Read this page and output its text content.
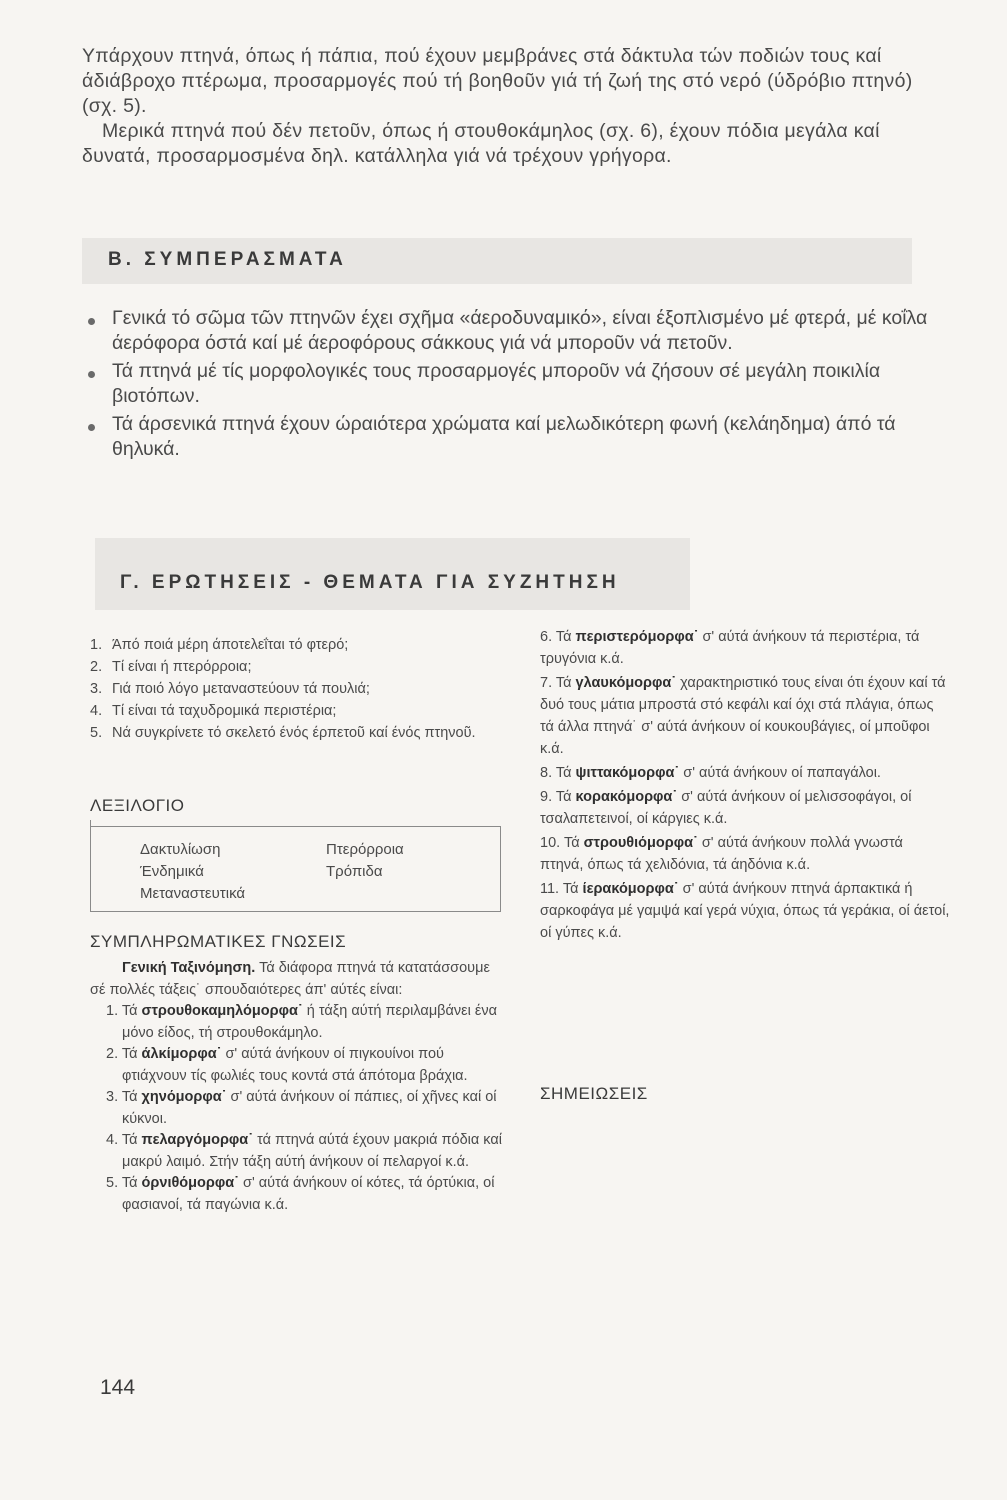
Υπάρχουν πτηνά, όπως ή πάπια, πού έχουν μεμβράνες στά δάκτυλα τών ποδιών τους καί άδιάβροχο πτέρωμα, προσαρμογές πού τή βοηθοῦν γιά τή ζωή της στό νερό (ύδρόβιο πτηνό) (σχ. 5).

Μερικά πτηνά πού δέν πετοῦν, όπως ή στουθοκάμηλος (σχ. 6), έχουν πόδια μεγάλα καί δυνατά, προσαρμοσμένα δηλ. κατάλληλα γιά νά τρέχουν γρήγορα.

Β. ΣΥΜΠΕΡΑΣΜΑΤΑ
Γενικά τό σῶμα τῶν πτηνῶν έχει σχῆμα «άεροδυναμικό», είναι έξοπλισμένο μέ φτερά, μέ κοΐλα άερόφορα όστά καί μέ άεροφόρους σάκκους γιά νά μποροῦν νά πετοῦν.
Τά πτηνά μέ τίς μορφολογικές τους προσαρμογές μποροῦν νά ζήσουν σέ μεγάλη ποικιλία βιοτόπων.
Τά άρσενικά πτηνά έχουν ώραιότερα χρώματα καί μελωδικότερη φωνή (κελάηδημα) άπό τά θηλυκά.
Γ. ΕΡΩΤΗΣΕΙΣ - ΘΕΜΑΤΑ ΓΙΑ ΣΥΖΗΤΗΣΗ
1. Άπό ποιά μέρη άποτελεΐται τό φτερό;
2. Τί είναι ή πτερόρροια;
3. Γιά ποιό λόγο μεταναστεύουν τά πουλιά;
4. Τί είναι τά ταχυδρομικά περιστέρια;
5. Νά συγκρίνετε τό σκελετό ένός έρπετοῦ καί ένός πτηνοῦ.
ΛΕΞΙΛΟΓΙΟ
Δακτυλίωση
Ένδημικά
Μεταναστευτικά
Πτερόρροια
Τρόπιδα
ΣΥΜΠΛΗΡΩΜΑΤΙΚΕΣ ΓΝΩΣΕΙΣ

Γενική Ταξινόμηση. Τά διάφορα πτηνά τά κατατάσσουμε σέ πολλές τάξεις˙ σπουδαιότερες άπ' αύτές είναι:

1. Τά στρουθοκαμηλόμορφα˙ ή τάξη αύτή περιλαμβάνει ένα μόνο είδος, τή στρουθοκάμηλο.

2. Τά άλκίμορφα˙ σ' αύτά άνήκουν οί πιγκουίνοι πού φτιάχνουν τίς φωλιές τους κοντά στά άπότομα βράχια.

3. Τά χηνόμορφα˙ σ' αύτά άνήκουν οί πάπιες, οί χῆνες καί οί κύκνοι.

4. Τά πελαργόμορφα˙ τά πτηνά αύτά έχουν μακριά πόδια καί μακρύ λαιμό. Στήν τάξη αύτή άνήκουν οί πελαργοί κ.ά.

5. Τά όρνιθόμορφα˙ σ' αύτά άνήκουν οί κότες, τά όρτύκια, οί φασιανοί, τά παγώνια κ.ά.

6. Τά περιστερόμορφα˙ σ' αύτά άνήκουν τά περιστέρια, τά τρυγόνια κ.ά.

7. Τά γλαυκόμορφα˙ χαρακτηριστικό τους είναι ότι έχουν καί τά δυό τους μάτια μπροστά στό κεφάλι καί όχι στά πλάγια, όπως τά άλλα πτηνά˙ σ' αύτά άνήκουν οί κουκουβάγιες, οί μποῦφοι κ.ά.

8. Τά ψιττακόμορφα˙ σ' αύτά άνήκουν οί παπαγάλοι.

9. Τά κορακόμορφα˙ σ' αύτά άνήκουν οί μελισσοφάγοι, οί τσαλαπετεινοί, οί κάργιες κ.ά.

10. Τά στρουθιόμορφα˙ σ' αύτά άνήκουν πολλά γνωστά πτηνά, όπως τά χελιδόνια, τά άηδόνια κ.ά.

11. Τά ίερακόμορφα˙ σ' αύτά άνήκουν πτηνά άρπακτικά ή σαρκοφάγα μέ γαμψά καί γερά νύχια, όπως τά γεράκια, οί άετοί, οί γύπες κ.ά.

ΣΗΜΕΙΩΣΕΙΣ
144
